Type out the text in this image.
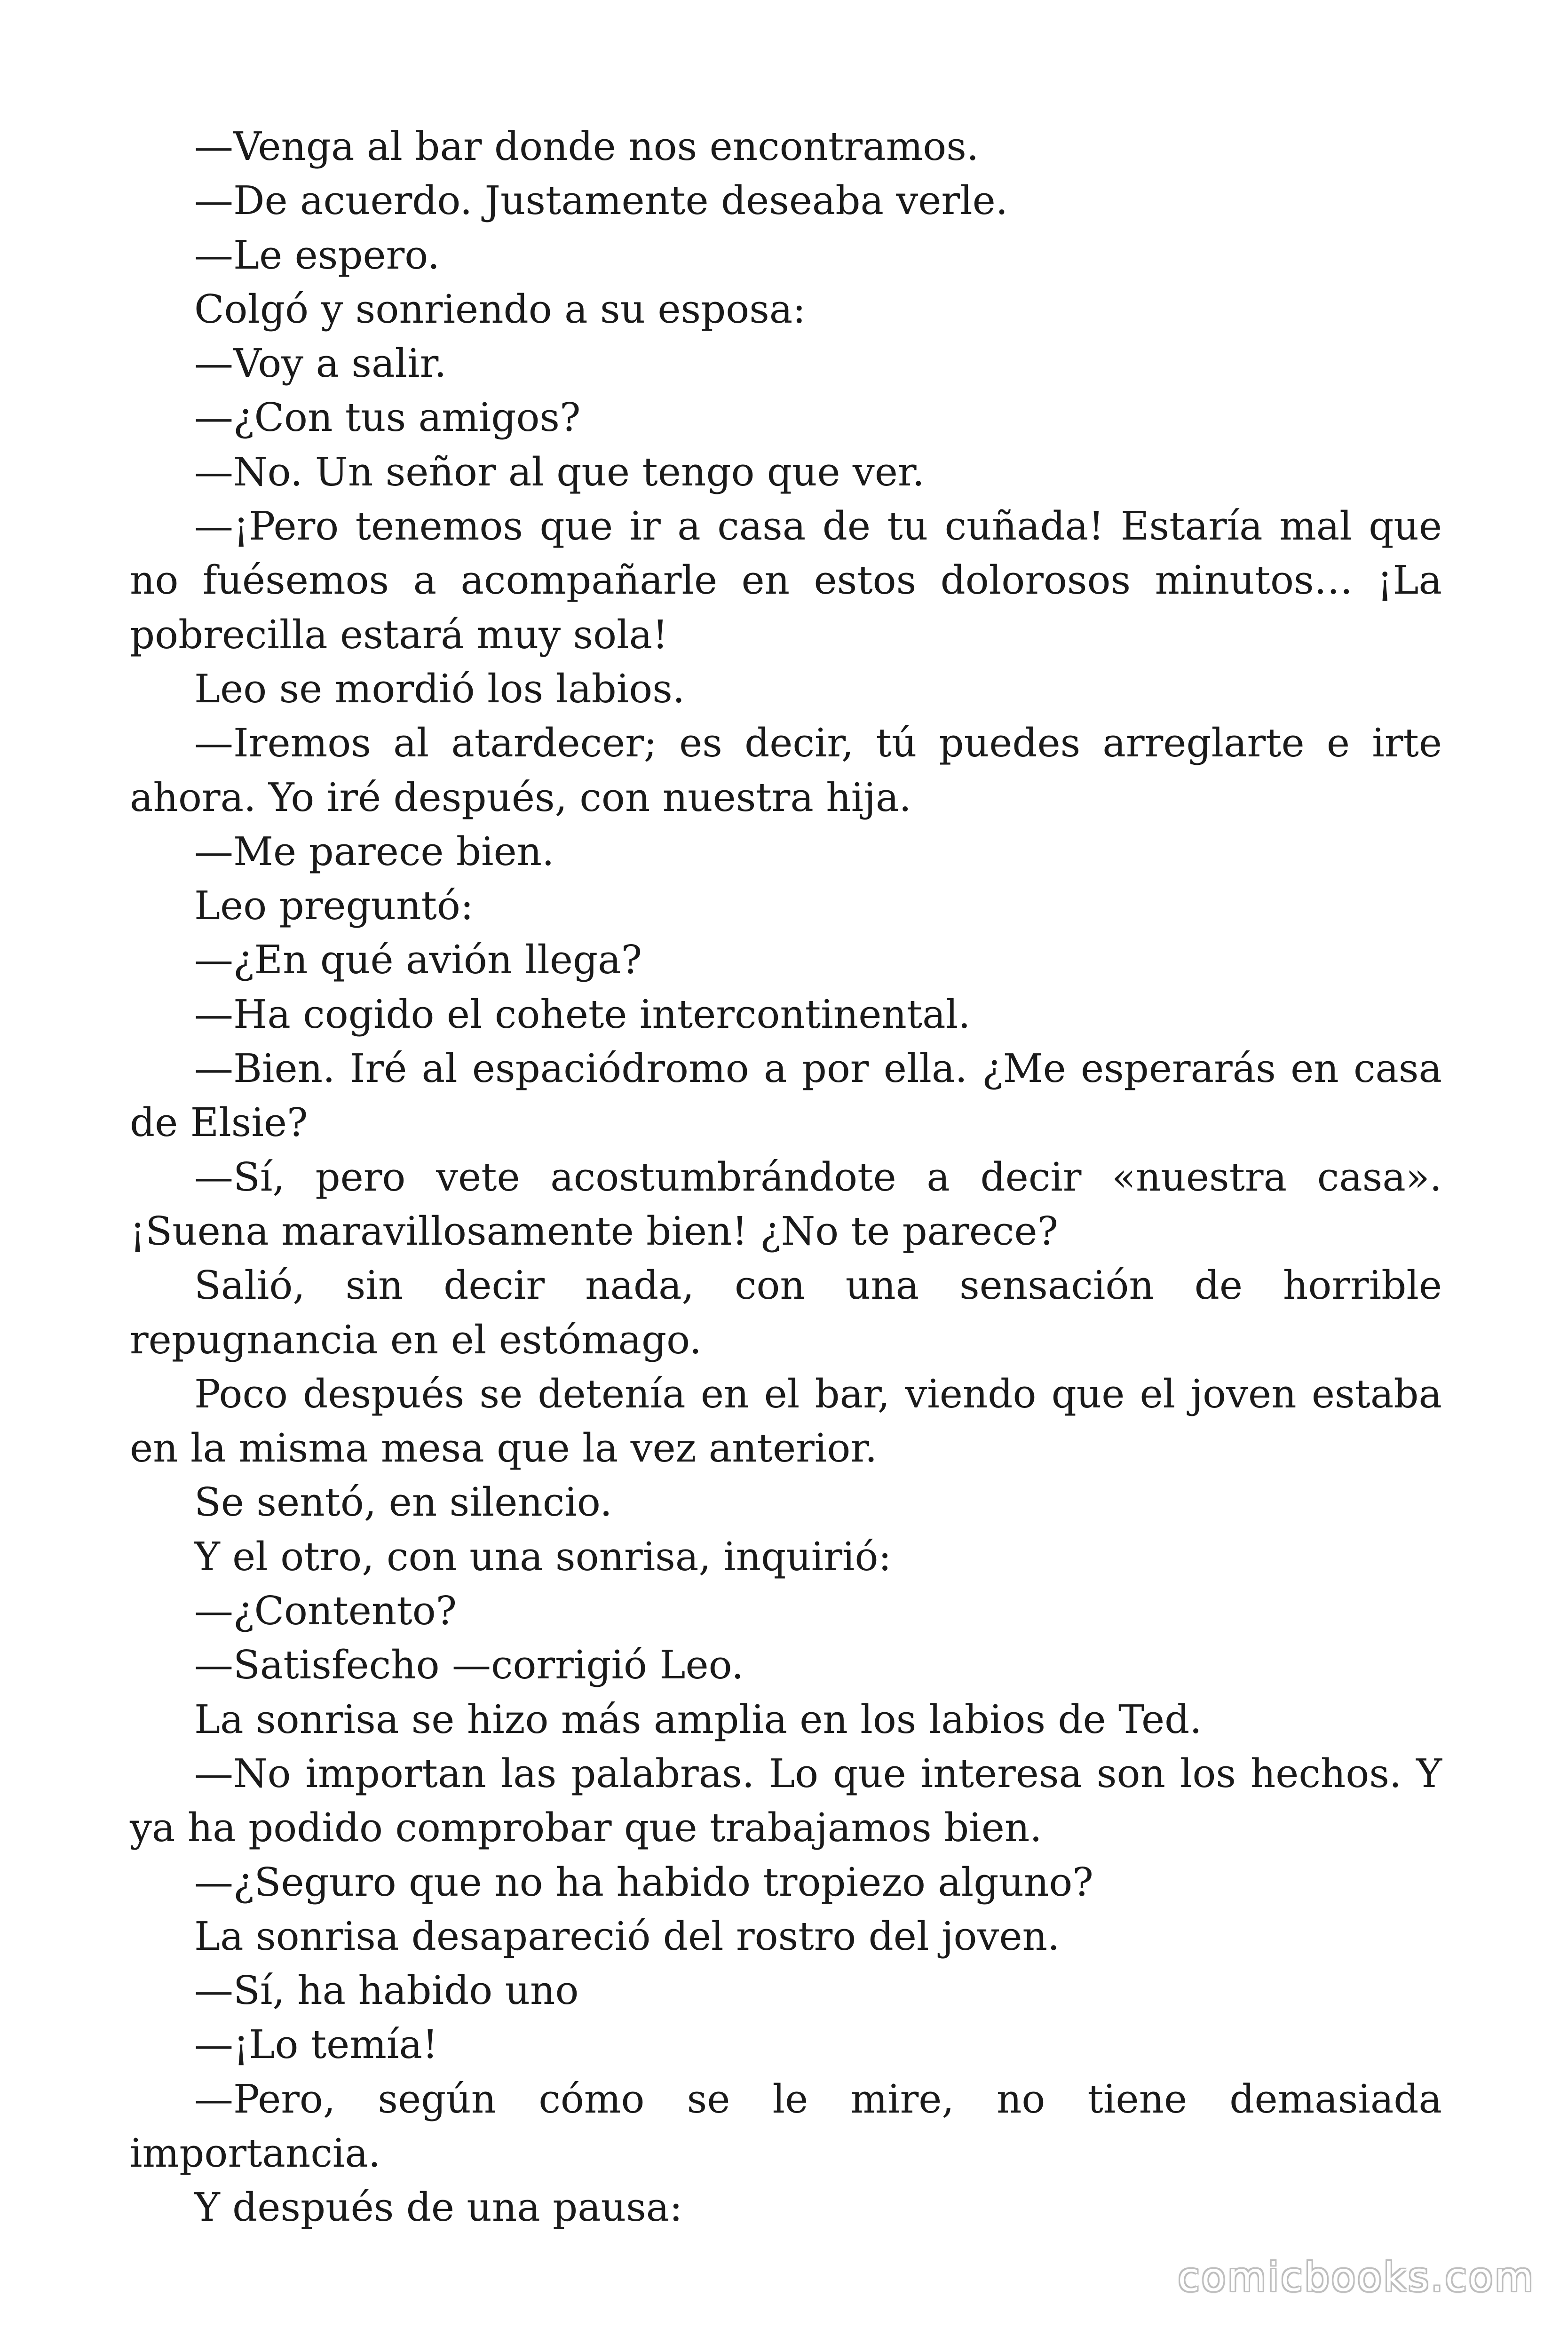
—Venga al bar donde nos encontramos.

—De acuerdo. Justamente deseaba verle.

—Le espero.

Colgó y sonriendo a su esposa:

—Voy a salir.

—¿Con tus amigos?

—No. Un señor al que tengo que ver.

—¡Pero tenemos que ir a casa de tu cuñada! Estaría mal que no fuésemos a acompañarle en estos dolorosos minutos… ¡La pobrecilla estará muy sola!

Leo se mordió los labios.

—Iremos al atardecer; es decir, tú puedes arreglarte e irte ahora. Yo iré después, con nuestra hija.

—Me parece bien.

Leo preguntó:

—¿En qué avión llega?

—Ha cogido el cohete intercontinental.

—Bien. Iré al espaciódromo a por ella. ¿Me esperarás en casa de Elsie?

—Sí, pero vete acostumbrándote a decir «nuestra casa». ¡Suena maravillosamente bien! ¿No te parece?

Salió, sin decir nada, con una sensación de horrible repugnancia en el estómago.

Poco después se detenía en el bar, viendo que el joven estaba en la misma mesa que la vez anterior.

Se sentó, en silencio.

Y el otro, con una sonrisa, inquirió:

—¿Contento?

—Satisfecho —corrigió Leo.

La sonrisa se hizo más amplia en los labios de Ted.

—No importan las palabras. Lo que interesa son los hechos. Y ya ha podido comprobar que trabajamos bien.

—¿Seguro que no ha habido tropiezo alguno?

La sonrisa desapareció del rostro del joven.

—Sí, ha habido uno

—¡Lo temía!

—Pero, según cómo se le mire, no tiene demasiada importancia.

Y después de una pausa:

comicbooks.com
